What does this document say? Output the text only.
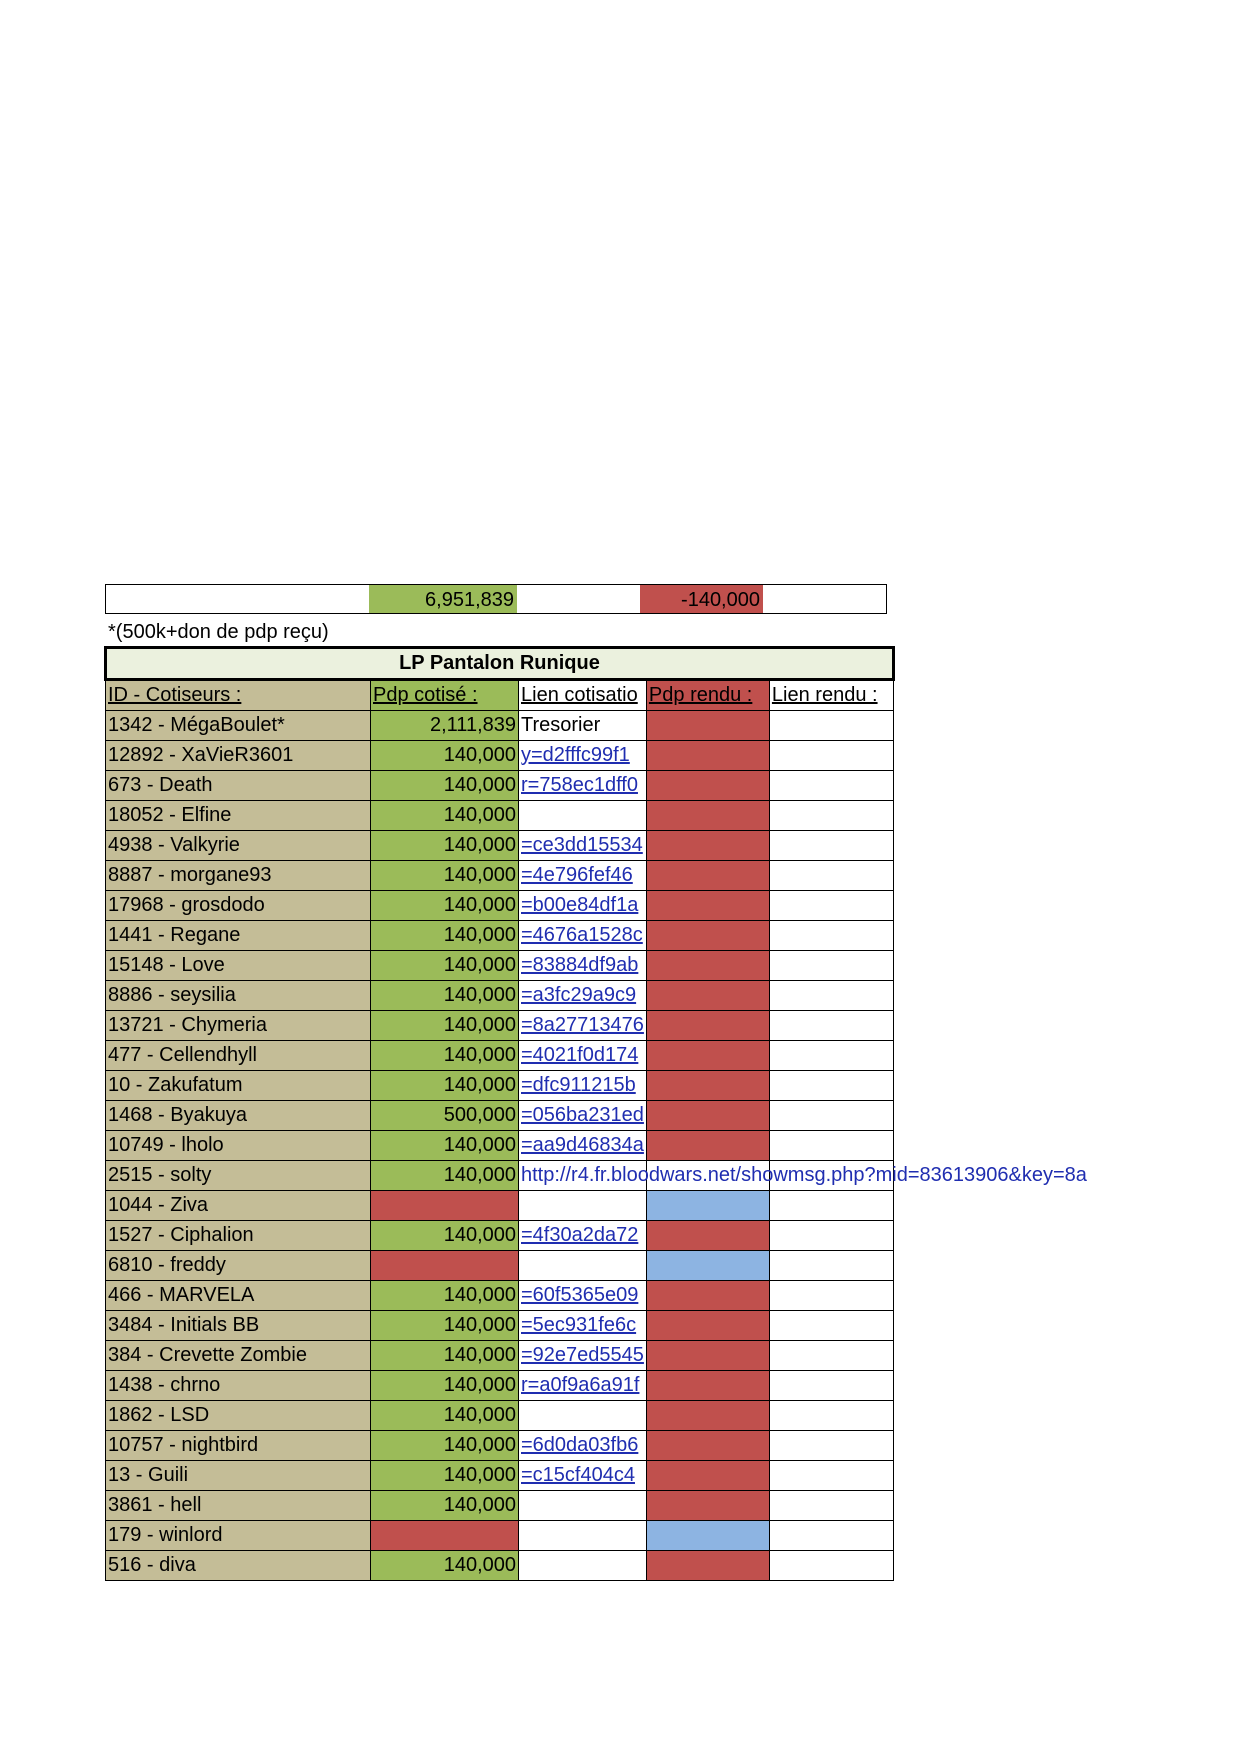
6,951,839	-140,000
*(500k+don de pdp reçu)
LP Pantalon Runique				
ID - Cotiseurs :	Pdp cotisé :	Lien cotisatio	Pdp rendu :	Lien rendu :
1342 - MégaBoulet*	2,111,839	Tresorier		
12892 - XaVieR3601	140,000	y=d2fffc99f1		
673 - Death	140,000	r=758ec1dff0		
18052 - Elfine	140,000			
4938 - Valkyrie	140,000	=ce3dd15534		
8887 - morgane93	140,000	=4e796fef46		
17968 - grosdodo	140,000	=b00e84df1a		
1441 - Regane	140,000	=4676a1528c		
15148 - Love	140,000	=83884df9ab		
8886 - seysilia	140,000	=a3fc29a9c9		
13721 - Chymeria	140,000	=8a27713476		
477 - Cellendhyll	140,000	=4021f0d174		
10 - Zakufatum	140,000	=dfc911215b		
1468 - Byakuya	500,000	=056ba231ed		
10749 - lholo	140,000	=aa9d46834a		
2515 - solty	140,000	http://r4.fr.bloodwars.net/showmsg.php?mid=83613906&key=8a		

1044 - Ziva				
1527 - Ciphalion	140,000	=4f30a2da72		
6810 - freddy				
466 - MARVELA	140,000	=60f5365e09		
3484 - Initials BB	140,000	=5ec931fe6c		
384 - Crevette Zombie	140,000	=92e7ed5545		
1438 - chrno	140,000	r=a0f9a6a91f		
1862 - LSD	140,000			
10757 - nightbird	140,000	=6d0da03fb6		
13 - Guili	140,000	=c15cf404c4		
3861 - hell	140,000			
179 - winlord				
516 - diva	140,000			
